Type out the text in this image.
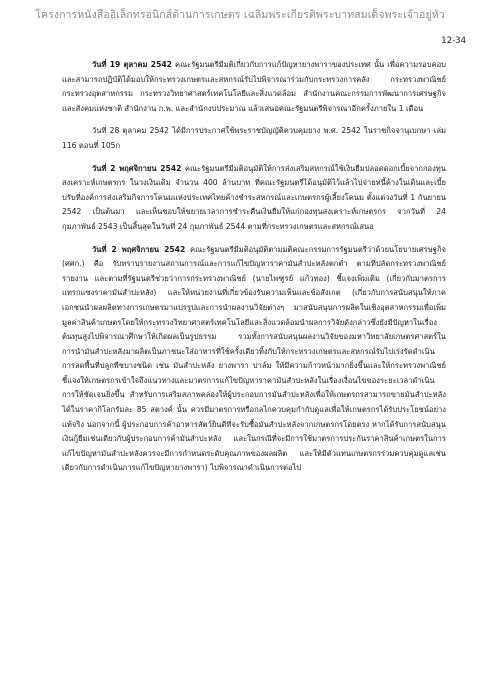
โครงการหนังสืออิเล็กทรอนิกส์ด้านการเกษตร เฉลิมพระเกียรติพระบาทสมเด็จพระเจ้าอยู่หัว
12-34

วันที่ 19 ตุลาคม 2542 คณะรัฐมนตรีมีมติเกี่ยวกับการแก้ปัญหายางพาราของประเทศ นั้น เพื่อความรอบคอบและสามารถปฏิบัติได้มอบให้กระทรวงเกษตรและสหกรณ์รับไปพิจารณาร่วมกับกระทรวงการคลัง กระทรวงพาณิชย์ กระทรวงอุตสาหกรรม กระทรวงวิทยาศาสตร์เทคโนโลยีและสิ่งแวดล้อม สำนักงานคณะกรรมการพัฒนาการเศรษฐกิจและสังคมแห่งชาติ สำนักงาน ก.พ. และสำนักงบประมาณ แล้วเสนอคณะรัฐมนตรีพิจารณาอีกครั้งภายใน 1 เดือน

วันที่ 28 ตุลาคม 2542 ได้มีการประกาศใช้พระราชบัญญัติควบคุมยาง พ.ศ. 2542 ในราชกิจจานุเบกษา เล่ม 116 ตอนที่ 105ก

วันที่ 2 พฤศจิกายน 2542 คณะรัฐมนตรีมีมติอนุมัติให้การส่งเสริมสหกรณ์ใช้เงินยืมปลอดดอกเบี้ยจากกองทุนสงเคราะห์เกษตรกร ในวงเงินเดิม จำนวน 400 ล้านบาท ที่คณะรัฐมนตรีได้อนุมัติไว้แล้วไปจ่ายหนี้ค้างในเดินและเบี้ยปรับที่องค์การส่งเสริมกิจการโคนมแห่งประเทศไทยค้างชำระสหกรณ์และเกษตรกรผู้เลี้ยงโคนม ตั้งแต่วงวันที่ 1 กันยายน 2542 เป็นต้นมา และเห็นชอบให้ขยายเวลาการชำระคืนเงินยืมให้แก่กองทุนสงเคราะห์เกษตรกร จากวันที่ 24 กุมภาพันธ์ 2543 เป็นสิ้นสุดในวันที่ 24 กุมภาพันธ์ 2544 ตามที่กระทรวงเกษตรและสหกรณ์เสนอ

วันที่ 2 พฤศจิกายน 2542 คณะรัฐมนตรีมีมติอนุมัติตามมติคณะกรรมการรัฐมนตรีว่าด้วยนโยบายเศรษฐกิจ (ศศก.) คือ รับทราบรายงานสถานการณ์และการแก้ไขปัญหาราคามันสำปะหลังตกต่ำ ตามที่ปลัดกระทรวงพาณิชย์รายงาน และตามที่รัฐมนตรีช่วยว่าการกระทรวงพาณิชย์ (นายไพฑูรย์ แก้วทอง) ชี้แจงเพิ่มเติม (เกี่ยวกับมาตรการแทรกแซงราคามันสำปะหลัง) และให้หน่วยงานที่เกี่ยวข้องรับความเห็นและข้อสังเกต (เกี่ยวกับการสนับสนุนให้ภาคเอกชนนำผลผลิตทางการเกษตรมาแปรรูปและการนำผลงานวิจัยต่างๆ มาสนับสนุนการผลิตในเชิงอุตสาหกรรมเพื่อเพิ่มมูลค่าสินค้าเกษตรโดยให้กระทรวงวิทยาศาสตร์เทคโนโลยีและสิ่งแวดล้อมนำผลการวิจัยดังกล่าวซึ่งยังมีปัญหาในเรื่องต้นทุนสูงไปพิจารณาศึกษาให้เกิดผลเป็นรูปธรรม รวมทั้งการสนับสนุนผลงานวิจัยของมหาวิทยาลัยเกษตรศาสตร์ในการนำมันสำปะหลังมาผลิตเป็นภาชนะใส่อาหารที่ใช้ครั้งเดียวทิ้งกับให้กระทรวงเกษตรและสหกรณ์รับไปเร่งรัดดำเนินการลดพื้นที่ปลูกพืชบางชนิด เช่น มันสำปะหลัง ยางพารา ปาล์ม ให้มีความก้าวหน้ามากยิ่งขึ้นและให้กระทรวงพาณิชย์ชี้แจงให้เกษตรกรเข้าใจถึงแนวทางและมาตรการแก้ไขปัญหาราคามันสำปะหลังในเรื่องเงื่อนไขของระยะเวลาดำเนินการให้ชัดเจนยิ่งขึ้น สำหรับการเสริมสภาพคล่องให้ผู้ประกอบการมันสำปะหลังเพื่อให้เกษตรกรสามารถขายมันสำปะหลังได้ในราคากิโลกรัมละ 85 สตางค์ นั้น ควรมีมาตรการหรือกลไกควบคุมกำกับดูแลเพื่อให้เกษตรกรได้รับประโยชน์อย่างแท้จริง นอกจากนี้ ผู้ประกอบการค้าอาหารสัตว์ยินดีที่จะรับซื้อมันสำปะหลังจากเกษตรกรโดยตรง หากได้รับการสนับสนุนเงินกู้ยืมเช่นเดียวกับผู้ประกอบการค้ามันสำปะหลัง และในกรณีที่จะมีการใช้มาตรการประกันราคาสินค้าเกษตรในการแก้ไขปัญหามันสำปะหลังควรจะมีการกำหนดระดับคุณภาพของผลผลิต และให้มีตัวแทนเกษตรกรร่วมควบคุมดูแลเช่นเดียวกับการดำเนินการแก้ไขปัญหายางพารา) ไปพิจารณาดำเนินการต่อไป
